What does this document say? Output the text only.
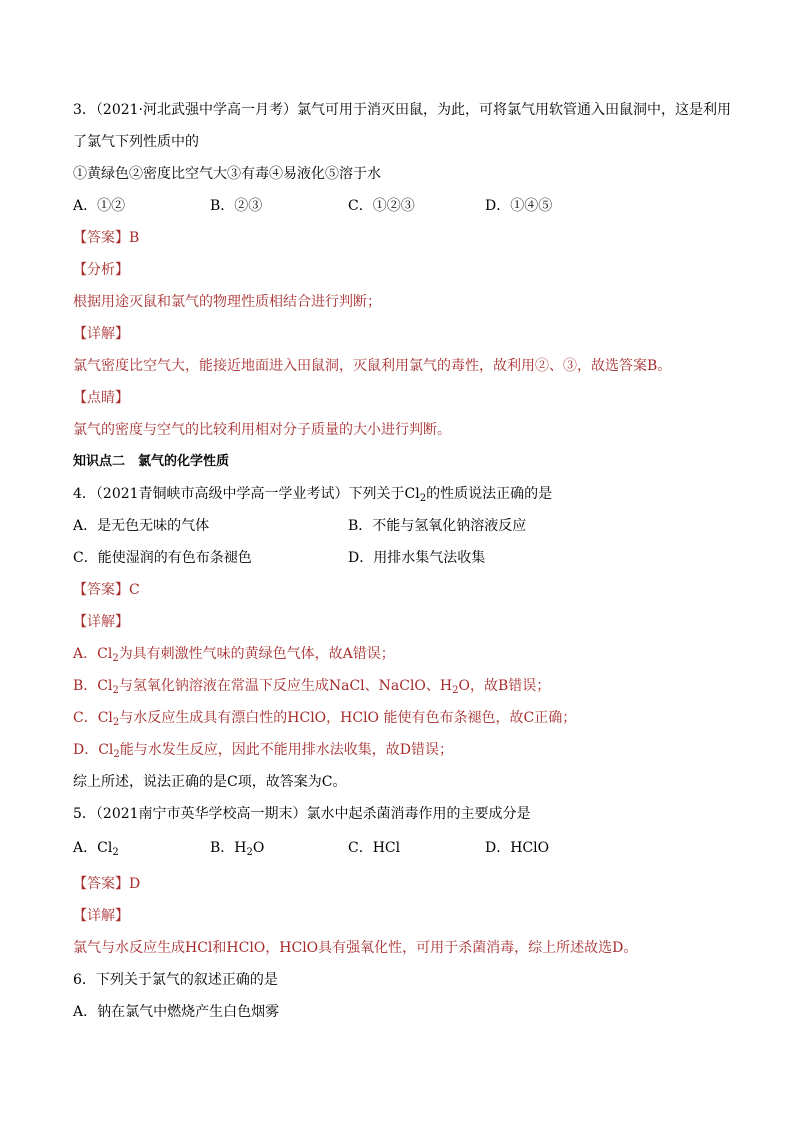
3．（2021·河北武强中学高一月考）氯气可用于消灭田鼠，为此，可将氯气用软管通入田鼠洞中，这是利用
了氯气下列性质中的
①黄绿色②密度比空气大③有毒④易液化⑤溶于水
A．①②	B．②③	C．①②③	D．①④⑤
【答案】B
【分析】
根据用途灭鼠和氯气的物理性质相结合进行判断；
【详解】
氯气密度比空气大，能接近地面进入田鼠洞，灭鼠利用氯气的毒性，故利用②、③，故选答案B。
【点睛】
氯气的密度与空气的比较利用相对分子质量的大小进行判断。
知识点二　氯气的化学性质
4．（2021青铜峡市高级中学高一学业考试）下列关于$Cl_2$的性质说法正确的是
A．是无色无味的气体	B．不能与氢氧化钠溶液反应
C．能使湿润的有色布条褪色	D．用排水集气法收集
【答案】C
【详解】
A．$Cl_2$为具有刺激性气味的黄绿色气体，故A错误；
B．$Cl_2$与氢氧化钠溶液在常温下反应生成NaCl、NaClO、$H_2O$，故B错误；
C．$Cl_2$与水反应生成具有漂白性的HClO，HClO 能使有色布条褪色，故C正确；
D．$Cl_2$能与水发生反应，因此不能用排水法收集，故D错误；
综上所述，说法正确的是C项，故答案为C。
5．（2021南宁市英华学校高一期末）氯水中起杀菌消毒作用的主要成分是
A．$Cl_2$	B．$H_2O$	C．HCl	D．HClO
【答案】D
【详解】
氯气与水反应生成HCl和HClO，HClO具有强氧化性，可用于杀菌消毒，综上所述故选D。
6．下列关于氯气的叙述正确的是
A．钠在氯气中燃烧产生白色烟雾
